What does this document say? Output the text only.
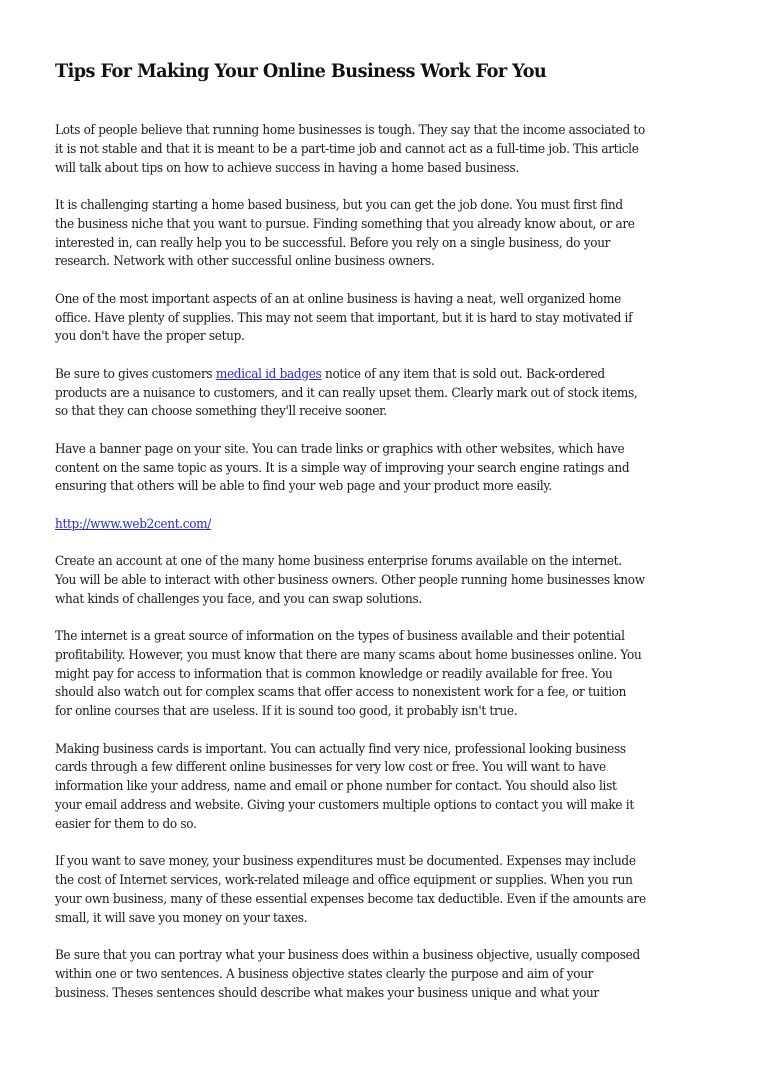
Tips For Making Your Online Business Work For You
Lots of people believe that running home businesses is tough. They say that the income associated to
it is not stable and that it is meant to be a part-time job and cannot act as a full-time job. This article
will talk about tips on how to achieve success in having a home based business.
It is challenging starting a home based business, but you can get the job done. You must first find
the business niche that you want to pursue. Finding something that you already know about, or are
interested in, can really help you to be successful. Before you rely on a single business, do your
research. Network with other successful online business owners.
One of the most important aspects of an at online business is having a neat, well organized home
office. Have plenty of supplies. This may not seem that important, but it is hard to stay motivated if
you don't have the proper setup.
Be sure to gives customers medical id badges notice of any item that is sold out. Back-ordered
products are a nuisance to customers, and it can really upset them. Clearly mark out of stock items,
so that they can choose something they'll receive sooner.
Have a banner page on your site. You can trade links or graphics with other websites, which have
content on the same topic as yours. It is a simple way of improving your search engine ratings and
ensuring that others will be able to find your web page and your product more easily.
http://www.web2cent.com/
Create an account at one of the many home business enterprise forums available on the internet.
You will be able to interact with other business owners. Other people running home businesses know
what kinds of challenges you face, and you can swap solutions.
The internet is a great source of information on the types of business available and their potential
profitability. However, you must know that there are many scams about home businesses online. You
might pay for access to information that is common knowledge or readily available for free. You
should also watch out for complex scams that offer access to nonexistent work for a fee, or tuition
for online courses that are useless. If it is sound too good, it probably isn't true.
Making business cards is important. You can actually find very nice, professional looking business
cards through a few different online businesses for very low cost or free. You will want to have
information like your address, name and email or phone number for contact. You should also list
your email address and website. Giving your customers multiple options to contact you will make it
easier for them to do so.
If you want to save money, your business expenditures must be documented. Expenses may include
the cost of Internet services, work-related mileage and office equipment or supplies. When you run
your own business, many of these essential expenses become tax deductible. Even if the amounts are
small, it will save you money on your taxes.
Be sure that you can portray what your business does within a business objective, usually composed
within one or two sentences. A business objective states clearly the purpose and aim of your
business. Theses sentences should describe what makes your business unique and what your
